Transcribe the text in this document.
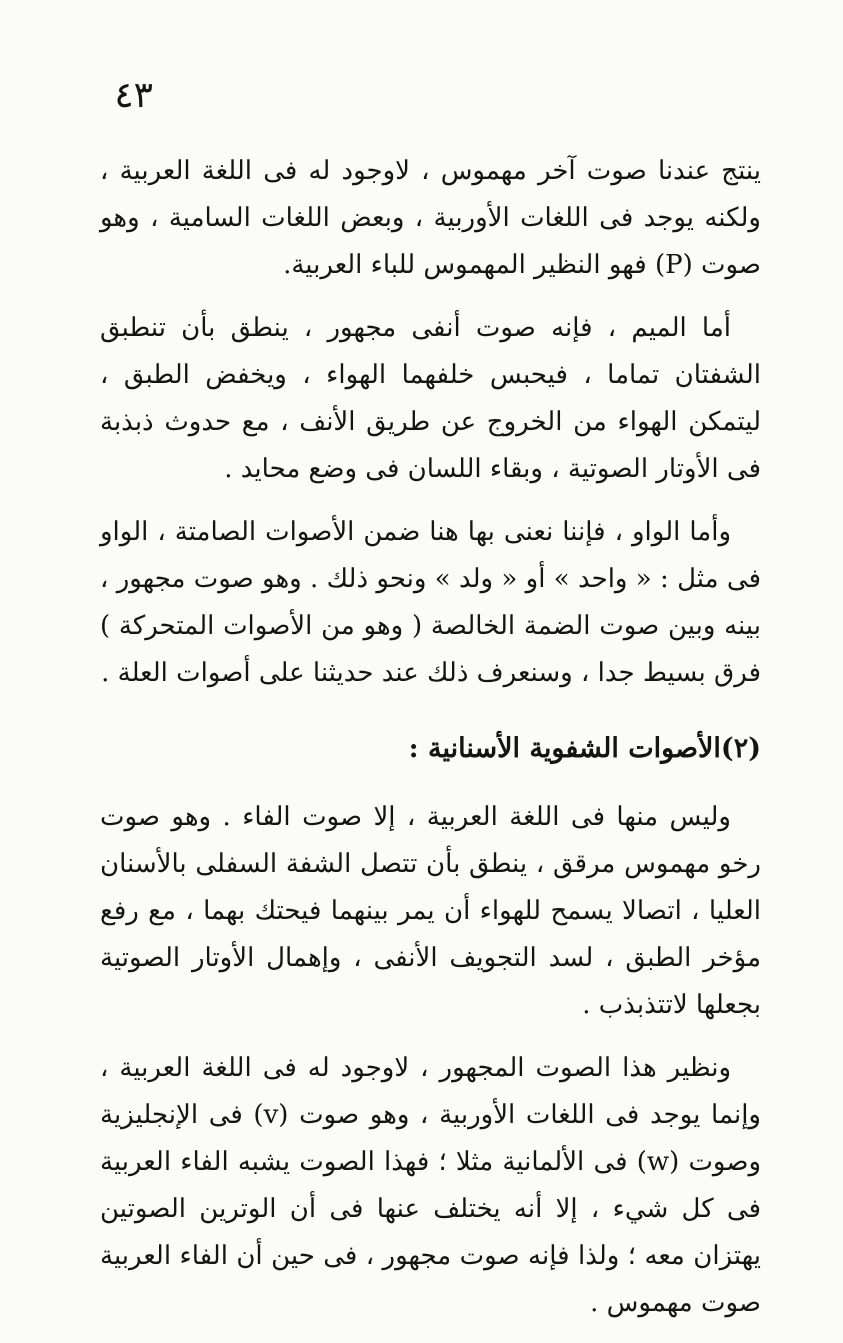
٤٣

ينتج عندنا صوت آخر مهموس ، لاوجود له فى اللغة العربية ، ولكنه يوجد فى اللغات الأوربية ، وبعض اللغات السامية ، وهو صوت (P) فهو النظير المهموس للباء العربية.

أما الميم ، فإنه صوت أنفى مجهور ، ينطق بأن تنطبق الشفتان تماما ، فيحبس خلفهما الهواء ، ويخفض الطبق ، ليتمكن الهواء من الخروج عن طريق الأنف ، مع حدوث ذبذبة فى الأوتار الصوتية ، وبقاء اللسان فى وضع محايد .

وأما الواو ، فإننا نعنى بها هنا ضمن الأصوات الصامتة ، الواو فى مثل : « واحد » أو « ولد » ونحو ذلك . وهو صوت مجهور ، بينه وبين صوت الضمة الخالصة ( وهو من الأصوات المتحركة ) فرق بسيط جدا ، وسنعرف ذلك عند حديثنا على أصوات العلة .

(٢)الأصوات الشفوية الأسنانية :

وليس منها فى اللغة العربية ، إلا صوت الفاء . وهو صوت رخو مهموس مرقق ، ينطق بأن تتصل الشفة السفلى بالأسنان العليا ، اتصالا يسمح للهواء أن يمر بينهما فيحتك بهما ، مع رفع مؤخر الطبق ، لسد التجويف الأنفى ، وإهمال الأوتار الصوتية بجعلها لاتتذبذب .

ونظير هذا الصوت المجهور ، لاوجود له فى اللغة العربية ، وإنما يوجد فى اللغات الأوربية ، وهو صوت (v) فى الإنجليزية وصوت (w) فى الألمانية مثلا ؛ فهذا الصوت يشبه الفاء العربية فى كل شيء ، إلا أنه يختلف عنها فى أن الوترين الصوتين يهتزان معه ؛ ولذا فإنه صوت مجهور ، فى حين أن الفاء العربية صوت مهموس .
